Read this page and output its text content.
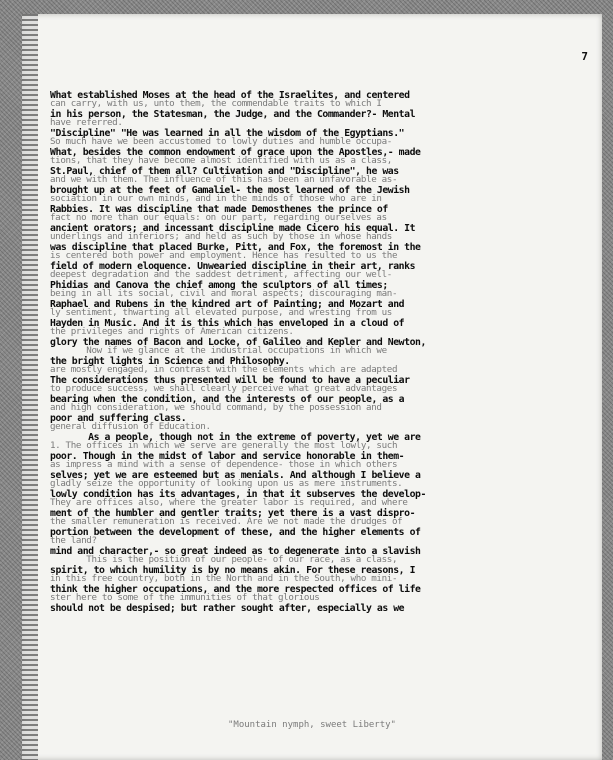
7
What established Moses at the head of the Israelites, and centered
can carry, with us, unto them, the commendable traits to which I
in his person, the Statesman, the Judge, and the Commander?- Mental
have referred.
"Discipline" "He was learned in all the wisdom of the Egyptians."
So much have we been accustomed to lowly duties and humble occupa-
What, besides the common endowment of grace upon the Apostles,- made
tions, that they have become almost identified with us as a class,
St.Paul, chief of them all? Cultivation and "Discipline", he was
and we with them. The influence of this has been an unfavorable as-
brought up at the feet of Gamaliel- the most learned of the Jewish
sociation in our own minds, and in the minds of those who are in
Rabbies. It was discipline that made Demosthenes the prince of
fact no more than our equals: on our part, regarding ourselves as
ancient orators; and incessant discipline made Cicero his equal. It
underlings and inferiors; and held as such by those in whose hands
was discipline that placed Burke, Pitt, and Fox, the foremost in the
is centered both power and employment. Hence has resulted to us the
field of modern eloquence. Unwearied discipline in their art, ranks
deepest degradation and the saddest detriment, affecting our well-
Phidias and Canova the chief among the sculptors of all times;
being in all its social, civil and moral aspects; discouraging man-
Raphael and Rubens in the kindred art of Painting; and Mozart and
ly sentiment, thwarting all elevated purpose, and wresting from us
Hayden in Music. And it is this which has enveloped in a cloud of
the privileges and rights of American citizens.
glory the names of Bacon and Locke, of Galileo and Kepler and Newton,
Now if we glance at the industrial occupations in which we
the bright lights in Science and Philosophy.
are mostly engaged, in contrast with the elements which are adapted
The considerations thus presented will be found to have a peculiar
to produce success, we shall clearly perceive what great advantages
bearing when the condition, and the interests of our people, as a
and high consideration, we should command, by the possession and
poor and suffering class.
general diffusion of Education.
As a people, though not in the extreme of poverty, yet we are
1. The offices in which we serve are generally the most lowly, such
poor. Though in the midst of labor and service honorable in them-
as impress a mind with a sense of dependence- those in which others
selves; yet we are esteemed but as menials. And although I believe a
gladly seize the opportunity of looking upon us as mere instruments.
lowly condition has its advantages, in that it subserves the develop-
They are offices also, where the greater labor is required, and where
ment of the humbler and gentler traits; yet there is a vast dispro-
the smaller remuneration is received. Are we not made the drudges of
portion between the development of these, and the higher elements of
the land?
mind and character,- so great indeed as to degenerate into a slavish
This is the position of our people- of our race, as a class,
spirit, to which humility is by no means akin. For these reasons, I
in this free country, both in the North and in the South, who mini-
think the higher occupations, and the more respected offices of life
ster here to some of the immunities of that glorious
should not be despised; but rather sought after, especially as we
"Mountain nymph, sweet Liberty"
